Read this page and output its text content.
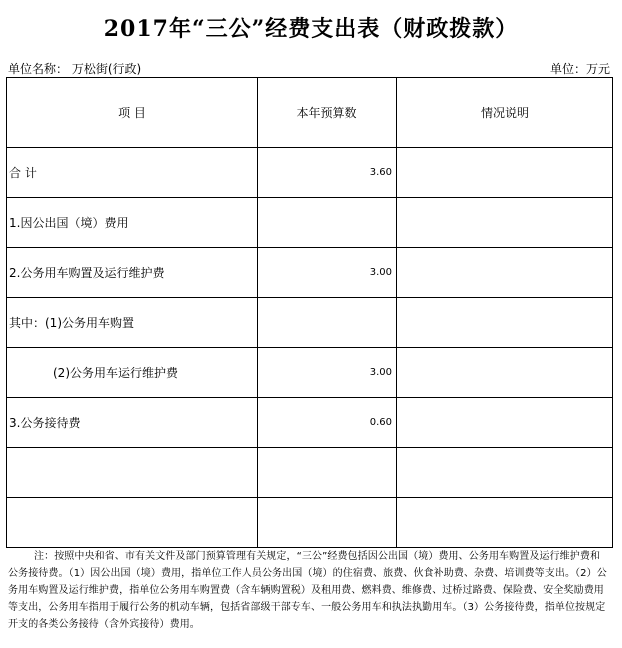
2017年“三公”经费支出表（财政拨款）
单位名称： 万松街(行政)	单位：万元
项 目	本年预算数	情况说明
合 计	3.60
1.因公出国（境）费用
2.公务用车购置及运行维护费	3.00
其中：(1)公务用车购置
(2)公务用车运行维护费	3.00
3.公务接待费	0.60
注：按照中央和省、市有关文件及部门预算管理有关规定，“三公”经费包括因公出国（境）费用、公务用车购置及运行维护费和公务接待费。（1）因公出国（境）费用，指单位工作人员公务出国（境）的住宿费、旅费、伙食补助费、杂费、培训费等支出。（2）公务用车购置及运行维护费，指单位公务用车购置费（含车辆购置税）及租用费、燃料费、维修费、过桥过路费、保险费、安全奖励费用等支出，公务用车指用于履行公务的机动车辆，包括省部级干部专车、一般公务用车和执法执勤用车。（3）公务接待费，指单位按规定开支的各类公务接待（含外宾接待）费用。
